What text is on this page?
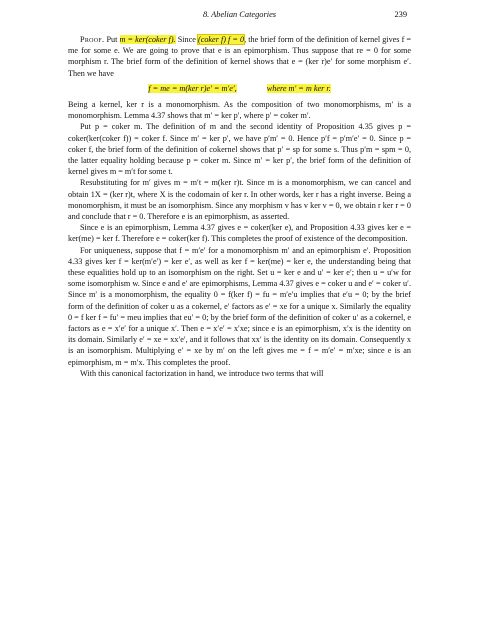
8. Abelian Categories	239

Proof. Put m = ker(coker f). Since (coker f) f = 0, the brief form of the definition of kernel gives f = me for some e. We are going to prove that e is an epimorphism. Thus suppose that re = 0 for some morphism r. The brief form of the definition of kernel shows that e = (ker r)e′ for some morphism e′. Then we have

f = me = m(ker r)e′ = m′e′,	where m′ = m ker r.

Being a kernel, ker r is a monomorphism. As the composition of two monomorphisms, m′ is a monomorphism. Lemma 4.37 shows that m′ = ker p′, where p′ = coker m′.

Put p = coker m. The definition of m and the second identity of Proposition 4.35 gives p = coker(ker(coker f)) = coker f. Since m′ = ker p′, we have p′m′ = 0. Hence p′f = p′m′e′ = 0. Since p = coker f, the brief form of the definition of cokernel shows that p′ = sp for some s. Thus p′m = spm = 0, the latter equality holding because p = coker m. Since m′ = ker p′, the brief form of the definition of kernel gives m = m′t for some t.

Resubstituting for m′ gives m = m′t = m(ker r)t. Since m is a monomorphism, we can cancel and obtain 1X = (ker r)t, where X is the codomain of ker r. In other words, ker r has a right inverse. Being a monomorphism, it must be an isomorphism. Since any morphism v has v ker v = 0, we obtain r ker r = 0 and conclude that r = 0. Therefore e is an epimorphism, as asserted.

Since e is an epimorphism, Lemma 4.37 gives e = coker(ker e), and Proposition 4.33 gives ker e = ker(me) = ker f. Therefore e = coker(ker f). This completes the proof of existence of the decomposition.

For uniqueness, suppose that f = m′e′ for a monomorphism m′ and an epimorphism e′. Proposition 4.33 gives ker f = ker(m′e′) = ker e′, as well as ker f = ker(me) = ker e, the understanding being that these equalities hold up to an isomorphism on the right. Set u = ker e and u′ = ker e′; then u = u′w for some isomorphism w. Since e and e′ are epimorphisms, Lemma 4.37 gives e = coker u and e′ = coker u′. Since m′ is a monomorphism, the equality 0 = f(ker f) = fu = m′e′u implies that e′u = 0; by the brief form of the definition of coker u as a cokernel, e′ factors as e′ = xe for a unique x. Similarly the equality 0 = f ker f = fu′ = meu implies that eu′ = 0; by the brief form of the definition of coker u′ as a cokernel, e factors as e = x′e′ for a unique x′. Then e = x′e′ = x′xe; since e is an epimorphism, x′x is the identity on its domain. Similarly e′ = xe = xx′e′, and it follows that xx′ is the identity on its domain. Consequently x is an isomorphism. Multiplying e′ = xe by m′ on the left gives me = f = m′e′ = m′xe; since e is an epimorphism, m = m′x. This completes the proof.

With this canonical factorization in hand, we introduce two terms that will
